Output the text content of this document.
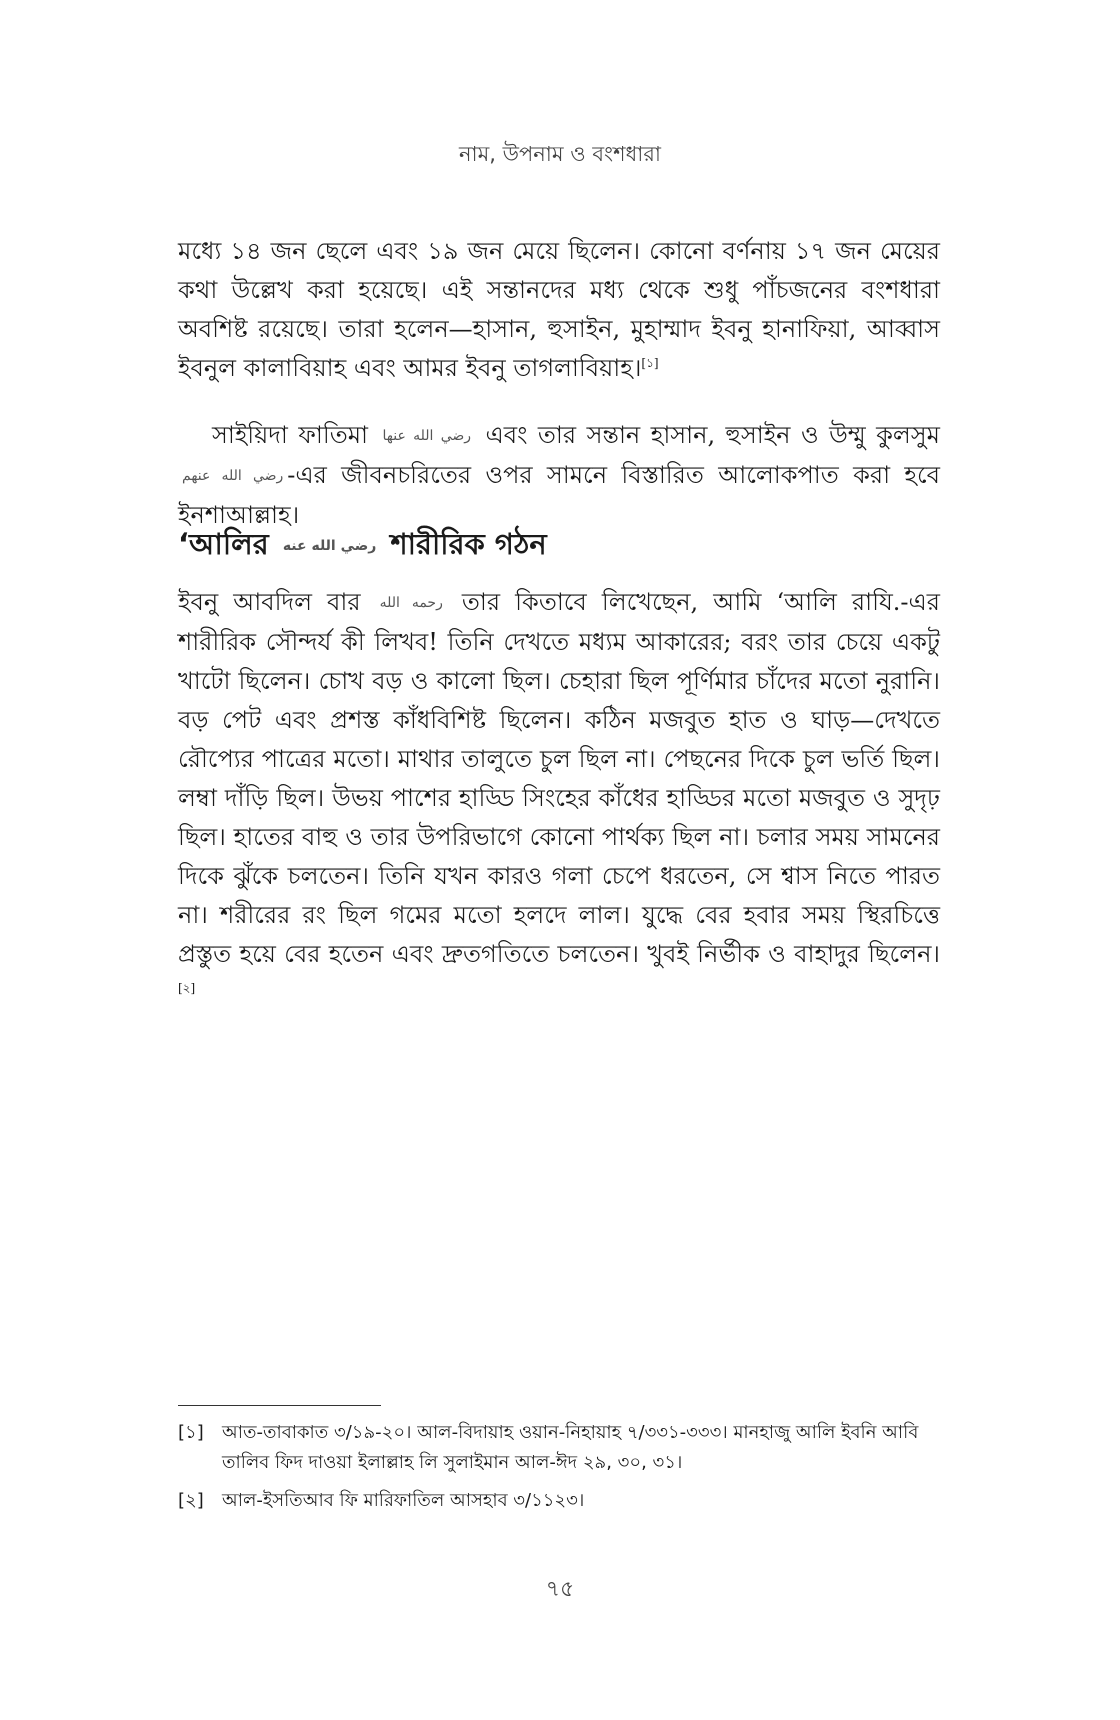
নাম, উপনাম ও বংশধারা

মধ্যে ১৪ জন ছেলে এবং ১৯ জন মেয়ে ছিলেন। কোনো বর্ণনায় ১৭ জন মেয়ের কথা উল্লেখ করা হয়েছে। এই সন্তানদের মধ্য থেকে শুধু পাঁচজনের বংশধারা অবশিষ্ট রয়েছে। তারা হলেন—হাসান, হুসাইন, মুহাম্মাদ ইবনু হানাফিয়া, আব্বাস ইবনুল কালাবিয়াহ এবং আমর ইবনু তাগলাবিয়াহ।[১]

সাইয়িদা ফাতিমা رضي الله عنها এবং তার সন্তান হাসান, হুসাইন ও উম্মু কুলসুম رضي الله عنهم -এর জীবনচরিতের ওপর সামনে বিস্তারিত আলোকপাত করা হবে ইনশাআল্লাহ।

‘আলির رضي الله عنه শারীরিক গঠন

ইবনু আবদিল বার رحمه الله তার কিতাবে লিখেছেন, আমি ‘আলি রাযি.-এর শারীরিক সৌন্দর্য কী লিখব! তিনি দেখতে মধ্যম আকারের; বরং তার চেয়ে একটু খাটো ছিলেন। চোখ বড় ও কালো ছিল। চেহারা ছিল পূর্ণিমার চাঁদের মতো নুরানি। বড় পেট এবং প্রশস্ত কাঁধবিশিষ্ট ছিলেন। কঠিন মজবুত হাত ও ঘাড়—দেখতে রৌপ্যের পাত্রের মতো। মাথার তালুতে চুল ছিল না। পেছনের দিকে চুল ভর্তি ছিল। লম্বা দাঁড়ি ছিল। উভয় পাশের হাড্ডি সিংহের কাঁধের হাড্ডির মতো মজবুত ও সুদৃঢ় ছিল। হাতের বাহু ও তার উপরিভাগে কোনো পার্থক্য ছিল না। চলার সময় সামনের দিকে ঝুঁকে চলতেন। তিনি যখন কারও গলা চেপে ধরতেন, সে শ্বাস নিতে পারত না। শরীরের রং ছিল গমের মতো হলদে লাল। যুদ্ধে বের হবার সময় স্থিরচিত্তে প্রস্তুত হয়ে বের হতেন এবং দ্রুতগতিতে চলতেন। খুবই নির্ভীক ও বাহাদুর ছিলেন।[২]

[১]	আত-তাবাকাত ৩/১৯-২০। আল-বিদায়াহ ওয়ান-নিহায়াহ ৭/৩৩১-৩৩৩। মানহাজু আলি ইবনি আবি তালিব ফিদ দাওয়া ইলাল্লাহ লি সুলাইমান আল-ঈদ ২৯, ৩০, ৩১।
[২]	আল-ইসতিআব ফি মারিফাতিল আসহাব ৩/১১২৩।
৭৫
